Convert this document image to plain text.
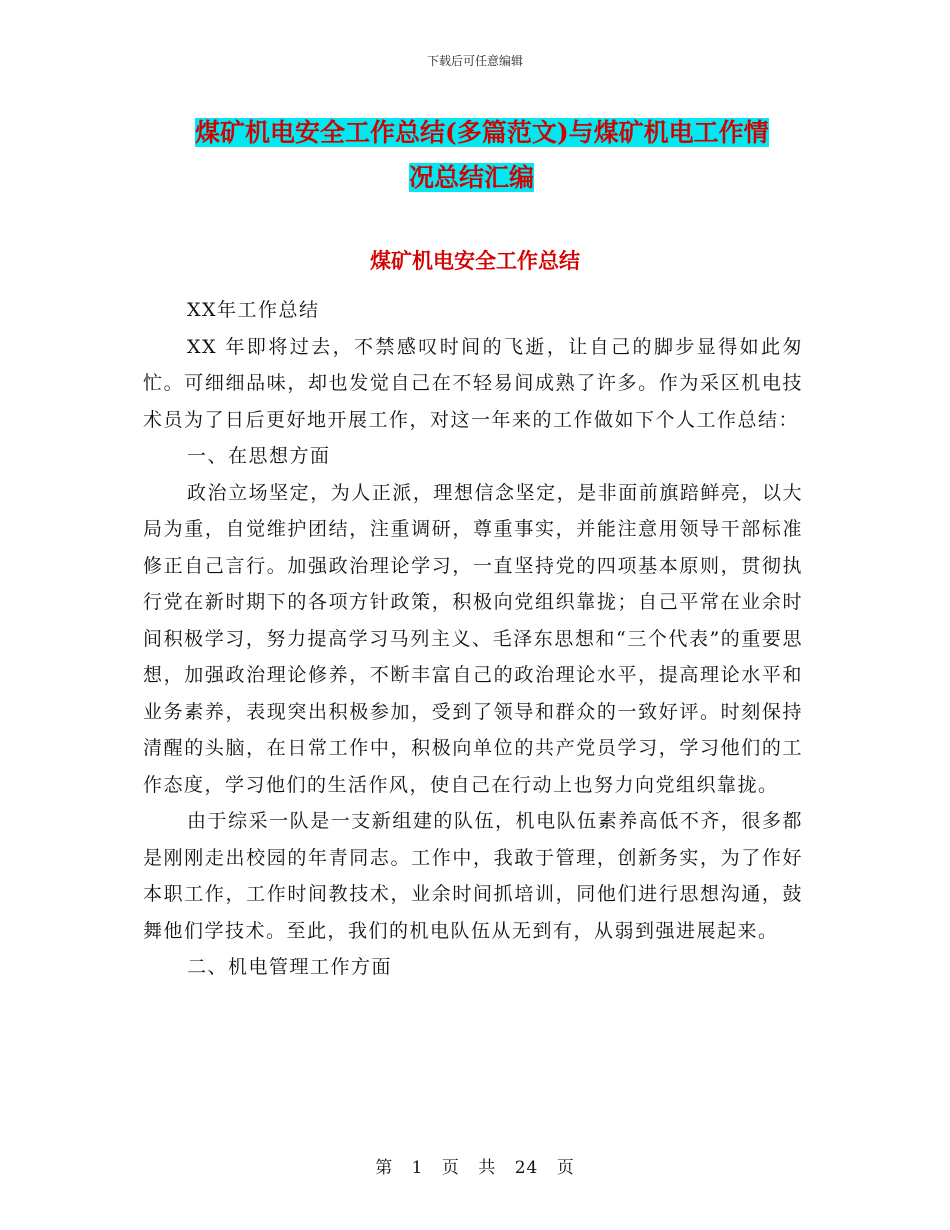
下载后可任意编辑
煤矿机电安全工作总结(多篇范文)与煤矿机电工作情
况总结汇编
煤矿机电安全工作总结

XX年工作总结

XX 年即将过去，不禁感叹时间的飞逝，让自己的脚步显得如此匆忙。可细细品味，却也发觉自己在不轻易间成熟了许多。作为采区机电技术员为了日后更好地开展工作，对这一年来的工作做如下个人工作总结：

一、在思想方面

政治立场坚定，为人正派，理想信念坚定，是非面前旗踣鲜亮，以大局为重，自觉维护团结，注重调研，尊重事实，并能注意用领导干部标准修正自己言行。加强政治理论学习，一直坚持党的四项基本原则，贯彻执行党在新时期下的各项方针政策，积极向党组织靠拢；自己平常在业余时间积极学习，努力提高学习马列主义、毛泽东思想和“三个代表”的重要思想，加强政治理论修养，不断丰富自己的政治理论水平，提高理论水平和业务素养，表现突出积极参加，受到了领导和群众的一致好评。时刻保持清醒的头脑，在日常工作中，积极向单位的共产党员学习，学习他们的工作态度，学习他们的生活作风，使自己在行动上也努力向党组织靠拢。

由于综采一队是一支新组建的队伍，机电队伍素养高低不齐，很多都是刚刚走出校园的年青同志。工作中，我敢于管理，创新务实，为了作好本职工作，工作时间教技术，业余时间抓培训，同他们进行思想沟通，鼓舞他们学技术。至此，我们的机电队伍从无到有，从弱到强进展起来。

二、机电管理工作方面

第 1 页 共 24 页
